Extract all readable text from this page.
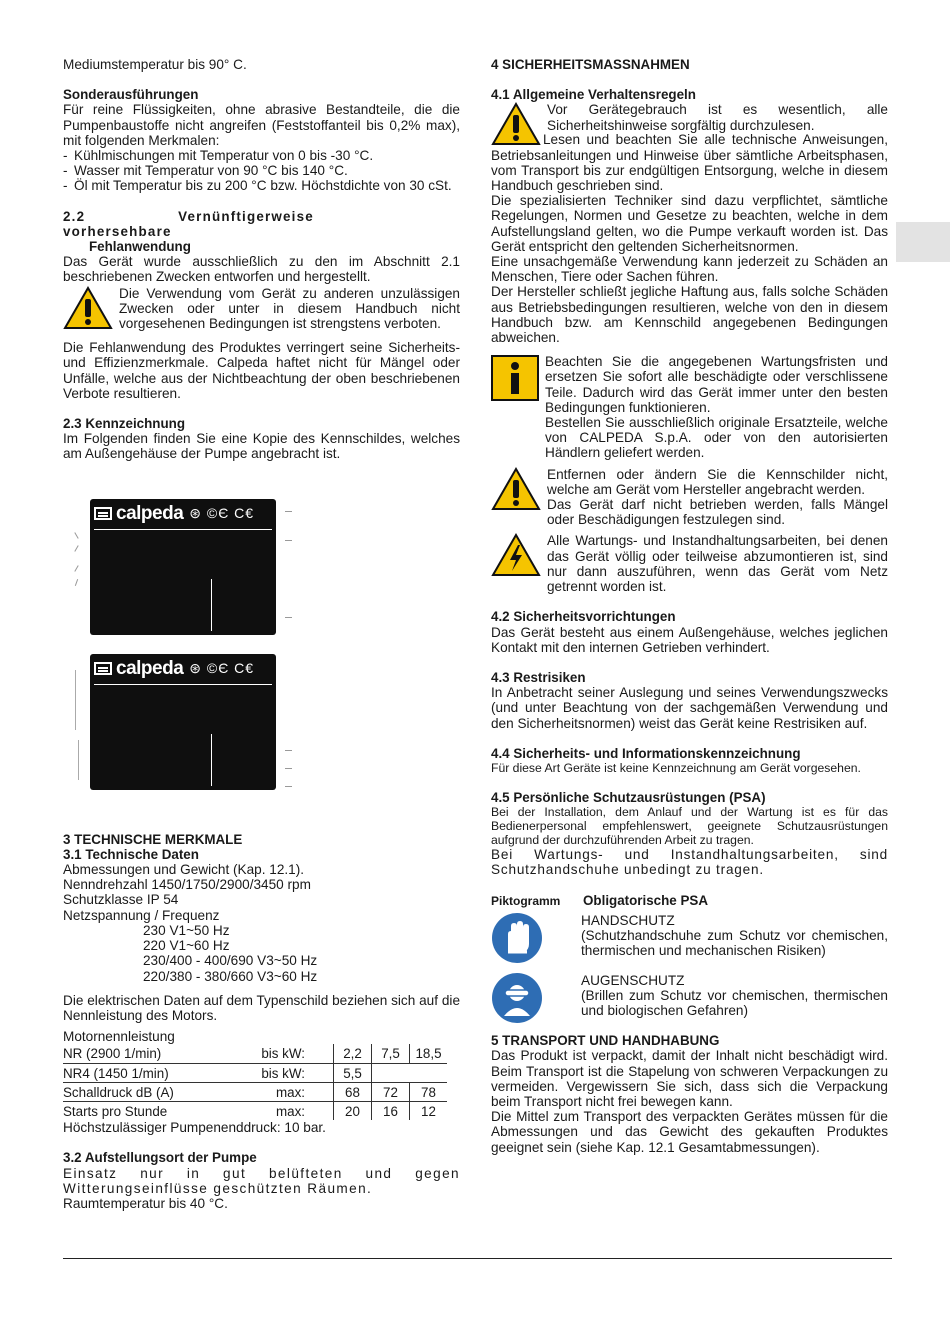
Mediumstemperatur bis 90° C.

Sonderausführungen

Für reine Flüssigkeiten, ohne abrasive Bestandteile, die die Pumpenbaustoffe nicht angreifen (Feststoffanteil bis 0,2% max), mit folgenden Merkmalen:

- Kühlmischungen mit Temperatur von 0 bis -30 °C.
- Wasser mit Temperatur von 90 °C bis 140 °C.
- Öl mit Temperatur bis zu 200 °C bzw. Höchstdichte von 30 cSt.

2.2 Vernünftigerweise vorhersehbare

Fehlanwendung

Das Gerät wurde ausschließlich zu den im Abschnitt 2.1 beschriebenen Zwecken entworfen und hergestellt.

Die Verwendung vom Gerät zu anderen unzulässigen Zwecken oder unter in diesem Handbuch nicht vorgesehenen Bedingungen ist strengstens verboten.

Die Fehlanwendung des Produktes verringert seine Sicherheits- und Effizienzmerkmale. Calpeda haftet nicht für Mängel oder Unfälle, welche aus der Nichtbeachtung der oben beschriebenen Verbote resultieren.

2.3 Kennzeichnung

Im Folgenden finden Sie eine Kopie des Kennschildes, welches am Außengehäuse der Pumpe angebracht ist.

calpeda ⊛ ©Є C€
calpeda ⊛ ©Є C€

3 TECHNISCHE MERKMALE

3.1 Technische Daten

Abmessungen und Gewicht (Kap. 12.1).

Nenndrehzahl 1450/1750/2900/3450 rpm

Schutzklasse IP 54

Netzspannung / Frequenz

230 V1~50 Hz

220 V1~60 Hz

230/400 - 400/690 V3~50 Hz

220/380 - 380/660 V3~60 Hz

Die elektrischen Daten auf dem Typenschild beziehen sich auf die Nennleistung des Motors.

Motornennleistung

NR (2900 1/min)	bis kW:	2,2	7,5	18,5
NR4 (1450 1/min)	bis kW:	5,5		
Schalldruck dB (A)	max:	68	72	78
Starts pro Stunde	max:	20	16	12

Höchstzulässiger Pumpenenddruck: 10 bar.

3.2 Aufstellungsort der Pumpe

Einsatz nur in gut belüfteten und gegen Witterungseinflüsse geschützten Räumen.

Raumtemperatur bis 40 °C.

4 SICHERHEITSMASSNAHMEN

4.1 Allgemeine Verhaltensregeln

Vor Gerätegebrauch ist es wesentlich, alle Sicherheitshinweise sorgfältig durchzulesen.

Lesen und beachten Sie alle technische Anweisungen, Betriebsanleitungen und Hinweise über sämtliche Arbeitsphasen, vom Transport bis zur endgültigen Entsorgung, welche in diesem Handbuch geschrieben sind.

Die spezialisierten Techniker sind dazu verpflichtet, sämtliche Regelungen, Normen und Gesetze zu beachten, welche in dem Aufstellungsland gelten, wo die Pumpe verkauft worden ist. Das Gerät entspricht den geltenden Sicherheitsnormen.

Eine unsachgemäße Verwendung kann jederzeit zu Schäden an Menschen, Tiere oder Sachen führen.

Der Hersteller schließt jegliche Haftung aus, falls solche Schäden aus Betriebsbedingungen resultieren, welche von den in diesem Handbuch bzw. am Kennschild angegebenen Bedingungen abweichen.

Beachten Sie die angegebenen Wartungsfristen und ersetzen Sie sofort alle beschädigte oder verschlissene Teile. Dadurch wird das Gerät immer unter den besten Bedingungen funktionieren.

Bestellen Sie ausschließlich originale Ersatzteile, welche von CALPEDA S.p.A. oder von den autorisierten Händlern geliefert werden.

Entfernen oder ändern Sie die Kennschilder nicht, welche am Gerät vom Hersteller angebracht werden.

Das Gerät darf nicht betrieben werden, falls Mängel oder Beschädigungen festzulegen sind.

Alle Wartungs- und Instandhaltungsarbeiten, bei denen das Gerät völlig oder teilweise abzumontieren ist, sind nur dann auszuführen, wenn das Gerät vom Netz getrennt worden ist.

4.2 Sicherheitsvorrichtungen

Das Gerät besteht aus einem Außengehäuse, welches jeglichen Kontakt mit den internen Getrieben verhindert.

4.3 Restrisiken

In Anbetracht seiner Auslegung und seines Verwendungszwecks (und unter Beachtung von der sachgemäßen Verwendung und den Sicherheitsnormen) weist das Gerät keine Restrisiken auf.

4.4 Sicherheits- und Informationskennzeichnung

Für diese Art Geräte ist keine Kennzeichnung am Gerät vorgesehen.

4.5 Persönliche Schutzausrüstungen (PSA)

Bei der Installation, dem Anlauf und der Wartung ist es für das Bedienerpersonal empfehlenswert, geeignete Schutzausrüstungen aufgrund der durchzuführenden Arbeit zu tragen.

Bei Wartungs- und Instandhaltungsarbeiten, sind Schutzhandschuhe unbedingt zu tragen.

Piktogramm	Obligatorische PSA

HANDSCHUTZ

(Schutzhandschuhe zum Schutz vor chemischen, thermischen und mechanischen Risiken)

AUGENSCHUTZ

(Brillen zum Schutz vor chemischen, thermischen und biologischen Gefahren)

5 TRANSPORT UND HANDHABUNG

Das Produkt ist verpackt, damit der Inhalt nicht beschädigt wird. Beim Transport ist die Stapelung von schweren Verpackungen zu vermeiden. Vergewissern Sie sich, dass sich die Verpackung beim Transport nicht frei bewegen kann.

Die Mittel zum Transport des verpackten Gerätes müssen für die Abmessungen und das Gewicht des gekauften Produktes geeignet sein (siehe Kap. 12.1 Gesamtabmessungen).
